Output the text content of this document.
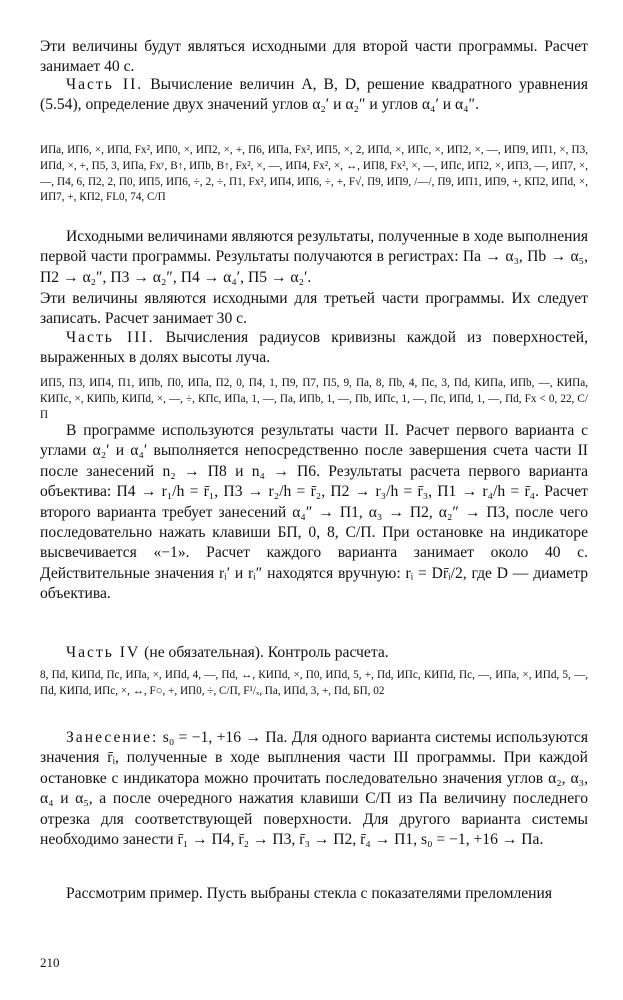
Эти величины будут являться исходными для второй части программы. Расчет занимает 40 с.

Часть II. Вычисление величин A, B, D, решение квадратного уравнения (5.54), определение двух значений углов α₂′ и α₂″ и углов α₄′ и α₄″.

ИПа, ИП6, ×, ИПd, Fx², ИП0, ×, ИП2, ×, +, П6, ИПа, Fx², ИП5, ×, 2, ИПd, ×, ИПс, ×, ИП2, ×, —, ИП9, ИП1, ×, П3, ИПd, ×, +, П5, 3, ИПа, Fxʸ, В↑, ИПb, В↑, Fx², ×, —, ИП4, Fx², ×, ↔, ИП8, Fx², ×, —, ИПс, ИП2, ×, ИП3, —, ИП7, ×, —, П4, 6, П2, 2, П0, ИП5, ИП6, ÷, 2, ÷, П1, Fx², ИП4, ИП6, ÷, +, F√, П9, ИП9, /—/, П9, ИП1, ИП9, +, КП2, ИПd, ×, ИП7, +, КП2, FL0, 74, С/П

Исходными величинами являются результаты, полученные в ходе выполнения первой части программы. Результаты получаются в регистрах: Па → α₃, Пb → α₅, П2 → α₂″, П3 → α₂″, П4 → α₄′, П5 → α₂′.

Эти величины являются исходными для третьей части программы. Их следует записать. Расчет занимает 30 с.

Часть III. Вычисления радиусов кривизны каждой из поверхностей, выраженных в долях высоты луча.

ИП5, П3, ИП4, П1, ИПb, П0, ИПа, П2, 0, П4, 1, П9, П7, П5, 9, Па, 8, Пb, 4, Пс, 3, Пd, КИПа, ИПb, —, КИПа, КИПс, ×, КИПb, КИПd, ×, —, ÷, КПс, ИПа, 1, —, Па, ИПb, 1, —, Пb, ИПс, 1, —, Пс, ИПd, 1, —, Пd, Fx < 0, 22, С/П

В программе используются результаты части II. Расчет первого варианта с углами α₂′ и α₄′ выполняется непосредственно после завершения счета части II после занесений n₂ → П8 и n₄ → П6. Результаты расчета первого варианта объектива: П4 → r₁/h = r̄₁, П3 → r₂/h = r̄₂, П2 → r₃/h = r̄₃, П1 → r₄/h = r̄₄. Расчет второго варианта требует занесений α₄″ → П1, α₃ → П2, α₂″ → П3, после чего последовательно нажать клавиши БП, 0, 8, С/П. При остановке на индикаторе высвечивается «−1». Расчет каждого варианта занимает около 40 с. Действительные значения rᵢ′ и rᵢ″ находятся вручную: rᵢ = Dr̄ᵢ/2, где D — диаметр объектива.

Часть IV (не обязательная). Контроль расчета.

8, Пd, КИПd, Пс, ИПа, ×, ИПd, 4, —, Пd, ↔, КИПd, ×, П0, ИПd, 5, +, Пd, ИПс, КИПd, Пс, —, ИПа, ×, ИПd, 5, —, Пd, КИПd, ИПс, ×, ↔, F○, +, ИП0, ÷, С/П, F¹/ₓ, Па, ИПd, 3, +, Пd, БП, 02

Занесение: s₀ = −1, +16 → Па. Для одного варианта системы используются значения r̄ᵢ, полученные в ходе выплнения части III программы. При каждой остановке с индикатора можно прочитать последовательно значения углов α₂, α₃, α₄ и α₅, а после очередного нажатия клавиши С/П из Па величину последнего отрезка для соответствующей поверхности. Для другого варианта системы необходимо занести r̄₁ → П4, r̄₂ → П3, r̄₃ → П2, r̄₄ → П1, s₀ = −1, +16 → Па.

Рассмотрим пример. Пусть выбраны стекла с показателями преломления

210
